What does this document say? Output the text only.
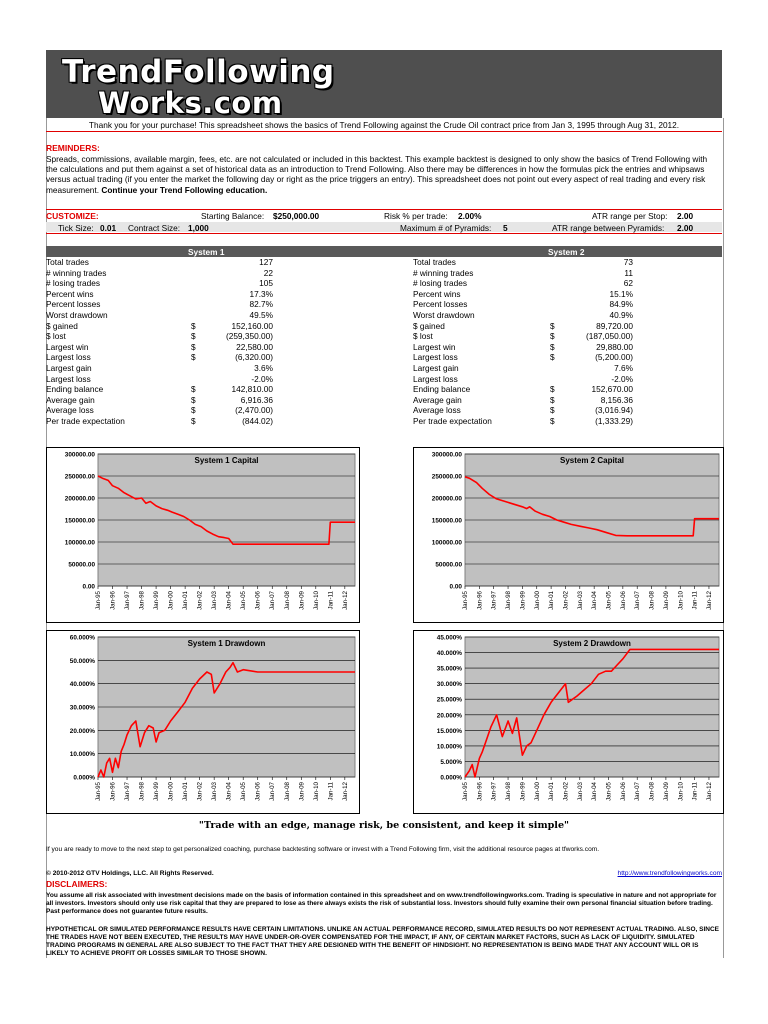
TrendFollowing
Works.com
Thank you for your purchase! This spreadsheet shows the basics of Trend Following against the Crude Oil contract price from Jan 3, 1995 through Aug 31, 2012.
REMINDERS:
Spreads, commissions, available margin, fees, etc. are not calculated or included in this backtest. This example backtest is designed to only show the basics of Trend Following with the calculations and put them against a set of historical data as an introduction to Trend Following. Also there may be differences in how the formulas pick the entries and whipsaws versus actual trading (if you enter the market the following day or right as the price triggers an entry). This spreadsheet does not point out every aspect of real trading and every risk measurement. Continue your Trend Following education.
CUSTOMIZE:	Starting Balance: $250,000.00	Risk % per trade: 2.00%	ATR range per Stop: 2.00
Tick Size: 0.01 Contract Size: 1,000	Maximum # of Pyramids: 5	ATR range between Pyramids: 2.00
System 1	System 2
Total trades		127
# winning trades		22
# losing trades		105
Percent wins		17.3%
Percent losses		82.7%
Worst drawdown		49.5%
$ gained	$	152,160.00
$ lost	$	(259,350.00)
Largest win	$	22,580.00
Largest loss	$	(6,320.00)
Largest gain		3.6%
Largest loss		-2.0%
Ending balance	$	142,810.00
Average gain	$	6,916.36
Average loss	$	(2,470.00)
Per trade expectation	$	(844.02)
Total trades		73
# winning trades		11
# losing trades		62
Percent wins		15.1%
Percent losses		84.9%
Worst drawdown		40.9%
$ gained	$	89,720.00
$ lost	$	(187,050.00)
Largest win	$	29,880.00
Largest loss	$	(5,200.00)
Largest gain		7.6%
Largest loss		-2.0%
Ending balance	$	152,670.00
Average gain	$	8,156.36
Average loss	$	(3,016.94)
Per trade expectation	$	(1,333.29)
300000.00
250000.00
200000.00
150000.00
100000.00
50000.00
0.00
Jan-95 Jan-96 Jan-97 Jan-98 Jan-99 Jan-00 Jan-01 Jan-02 Jan-03 Jan-04 Jan-05 Jan-06 Jan-07 Jan-08 Jan-09 Jan-10 Jan-11 Jan-12
System 1 Capital
300000.00
250000.00
200000.00
150000.00
100000.00
50000.00
0.00
Jan-95 Jan-96 Jan-97 Jan-98 Jan-99 Jan-00 Jan-01 Jan-02 Jan-03 Jan-04 Jan-05 Jan-06 Jan-07 Jan-08 Jan-09 Jan-10 Jan-11 Jan-12
System 2 Capital
60.000%
50.000%
40.000%
30.000%
20.000%
10.000%
0.000%
Jan-95 Jan-96 Jan-97 Jan-98 Jan-99 Jan-00 Jan-01 Jan-02 Jan-03 Jan-04 Jan-05 Jan-06 Jan-07 Jan-08 Jan-09 Jan-10 Jan-11 Jan-12
System 1 Drawdown
45.000%
40.000%
35.000%
30.000%
25.000%
20.000%
15.000%
10.000%
5.000%
0.000%
Jan-95 Jan-96 Jan-97 Jan-98 Jan-99 Jan-00 Jan-01 Jan-02 Jan-03 Jan-04 Jan-05 Jan-06 Jan-07 Jan-08 Jan-09 Jan-10 Jan-11 Jan-12
System 2 Drawdown
"Trade with an edge, manage risk, be consistent, and keep it simple"
If you are ready to move to the next step to get personalized coaching, purchase backtesting software or invest with a Trend Following firm, visit the additional resource pages at tfworks.com.
© 2010-2012 GTV Holdings, LLC. All Rights Reserved.	http://www.trendfollowingworks.com
DISCLAIMERS:
You assume all risk associated with investment decisions made on the basis of information contained in this spreadsheet and on www.trendfollowingworks.com. Trading is speculative in nature and not appropriate for all investors. Investors should only use risk capital that they are prepared to lose as there always exists the risk of substantial loss. Investors should fully examine their own personal financial situation before trading. Past performance does not guarantee future results.
HYPOTHETICAL OR SIMULATED PERFORMANCE RESULTS HAVE CERTAIN LIMITATIONS. UNLIKE AN ACTUAL PERFORMANCE RECORD, SIMULATED RESULTS DO NOT REPRESENT ACTUAL TRADING. ALSO, SINCE THE TRADES HAVE NOT BEEN EXECUTED, THE RESULTS MAY HAVE UNDER-OR-OVER COMPENSATED FOR THE IMPACT, IF ANY, OF CERTAIN MARKET FACTORS, SUCH AS LACK OF LIQUIDITY. SIMULATED TRADING PROGRAMS IN GENERAL ARE ALSO SUBJECT TO THE FACT THAT THEY ARE DESIGNED WITH THE BENEFIT OF HINDSIGHT. NO REPRESENTATION IS BEING MADE THAT ANY ACCOUNT WILL OR IS LIKELY TO ACHIEVE PROFIT OR LOSSES SIMILAR TO THOSE SHOWN.
